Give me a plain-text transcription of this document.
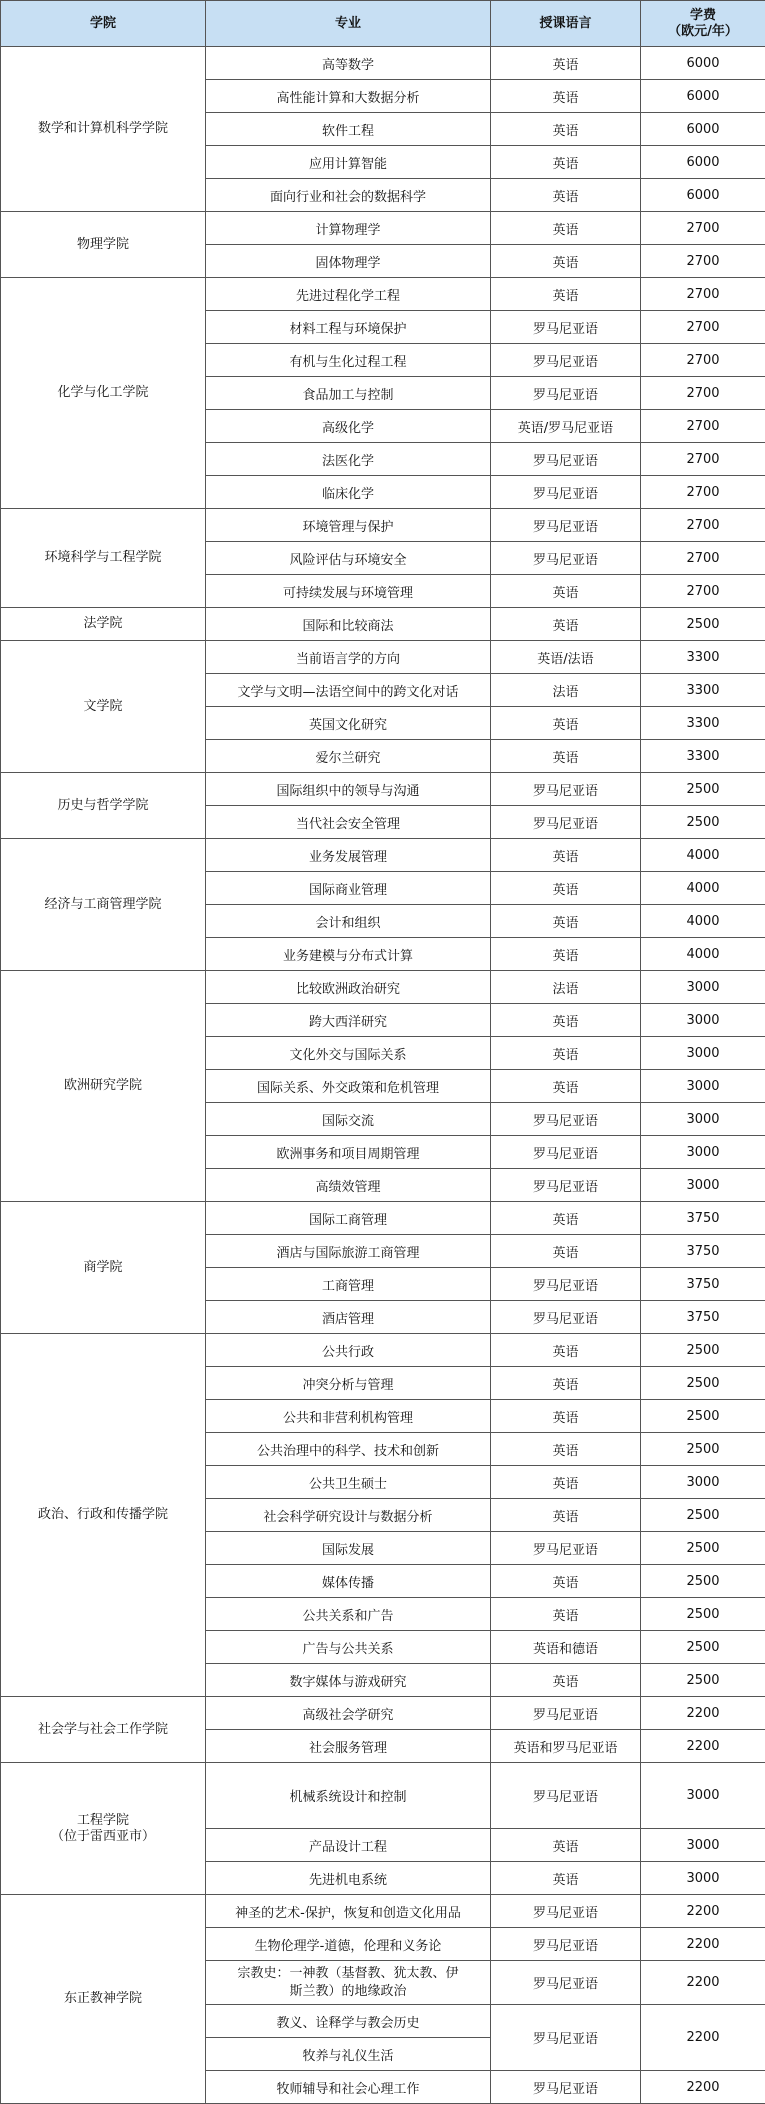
学院	专业	授课语言	学费
（欧元/年）

数学和计算机科学学院	高等数学	英语	6000
	高性能计算和大数据分析	英语	6000
	软件工程	英语	6000
	应用计算智能	英语	6000
	面向行业和社会的数据科学	英语	6000
物理学院	计算物理学	英语	2700
	固体物理学	英语	2700
化学与化工学院	先进过程化学工程	英语	2700
	材料工程与环境保护	罗马尼亚语	2700
	有机与生化过程工程	罗马尼亚语	2700
	食品加工与控制	罗马尼亚语	2700
	高级化学	英语/罗马尼亚语	2700
	法医化学	罗马尼亚语	2700
	临床化学	罗马尼亚语	2700
环境科学与工程学院	环境管理与保护	罗马尼亚语	2700
	风险评估与环境安全	罗马尼亚语	2700
	可持续发展与环境管理	英语	2700
法学院	国际和比较商法	英语	2500
文学院	当前语言学的方向	英语/法语	3300
	文学与文明—法语空间中的跨文化对话	法语	3300
	英国文化研究	英语	3300
	爱尔兰研究	英语	3300
历史与哲学学院	国际组织中的领导与沟通	罗马尼亚语	2500
	当代社会安全管理	罗马尼亚语	2500
经济与工商管理学院	业务发展管理	英语	4000
	国际商业管理	英语	4000
	会计和组织	英语	4000
	业务建模与分布式计算	英语	4000
欧洲研究学院	比较欧洲政治研究	法语	3000
	跨大西洋研究	英语	3000
	文化外交与国际关系	英语	3000
	国际关系、外交政策和危机管理	英语	3000
	国际交流	罗马尼亚语	3000
	欧洲事务和项目周期管理	罗马尼亚语	3000
	高绩效管理	罗马尼亚语	3000
商学院	国际工商管理	英语	3750
	酒店与国际旅游工商管理	英语	3750
	工商管理	罗马尼亚语	3750
	酒店管理	罗马尼亚语	3750
政治、行政和传播学院	公共行政	英语	2500
	冲突分析与管理	英语	2500
	公共和非营利机构管理	英语	2500
	公共治理中的科学、技术和创新	英语	2500
	公共卫生硕士	英语	3000
	社会科学研究设计与数据分析	英语	2500
	国际发展	罗马尼亚语	2500
	媒体传播	英语	2500
	公共关系和广告	英语	2500
	广告与公共关系	英语和德语	2500
	数字媒体与游戏研究	英语	2500
社会学与社会工作学院	高级社会学研究	罗马尼亚语	2200
	社会服务管理	英语和罗马尼亚语	2200

工程学院
（位于雷西亚市）	机械系统设计和控制	罗马尼亚语	3000
	产品设计工程	英语	3000
	先进机电系统	英语	3000
东正教神学院	神圣的艺术-保护，恢复和创造文化用品	罗马尼亚语	2200
	生物伦理学-道德，伦理和义务论	罗马尼亚语	2200

	宗教史：一神教（基督教、犹太教、伊
斯兰教）的地缘政治	罗马尼亚语	2200
	教义、诠释学与教会历史	罗马尼亚语	2200
	牧养与礼仪生活		
	牧师辅导和社会心理工作	罗马尼亚语	2200
